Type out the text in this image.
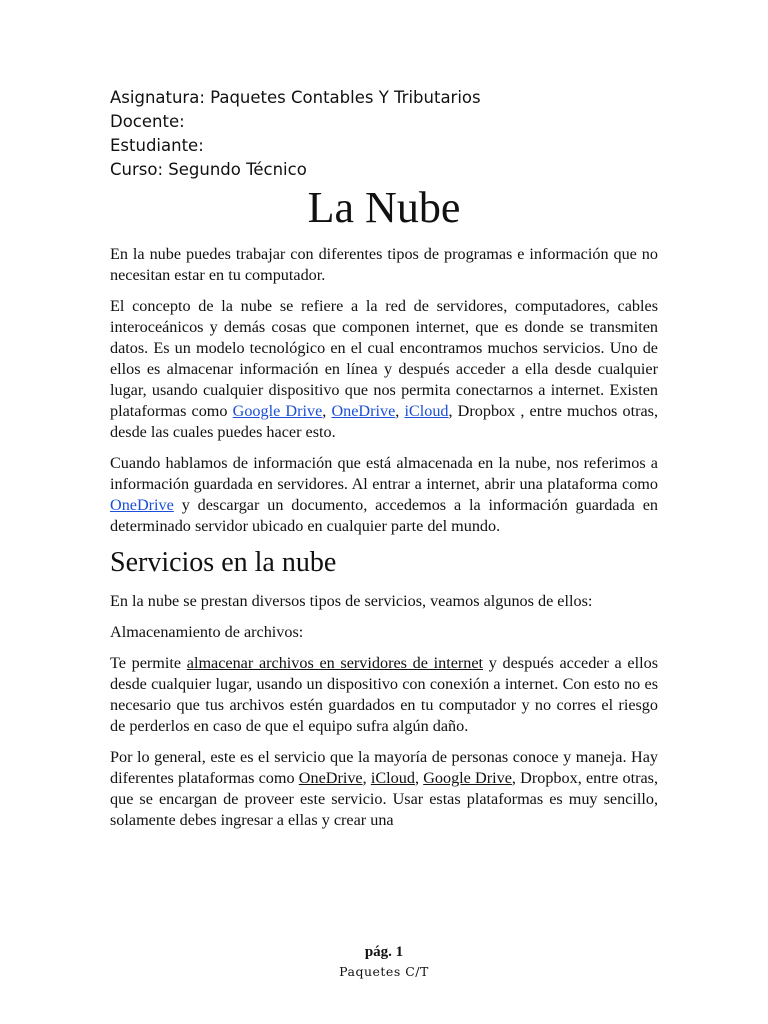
Asignatura: Paquetes Contables Y Tributarios
Docente:
Estudiante:
Curso: Segundo Técnico
La Nube

En la nube puedes trabajar con diferentes tipos de programas e información que no necesitan estar en tu computador.

El concepto de la nube se refiere a la red de servidores, computadores, cables interoceánicos y demás cosas que componen internet, que es donde se transmiten datos. Es un modelo tecnológico en el cual encontramos muchos servicios. Uno de ellos es almacenar información en línea y después acceder a ella desde cualquier lugar, usando cualquier dispositivo que nos permita conectarnos a internet. Existen plataformas como Google Drive, OneDrive, iCloud, Dropbox , entre muchos otras, desde las cuales puedes hacer esto.

Cuando hablamos de información que está almacenada en la nube, nos referimos a información guardada en servidores. Al entrar a internet, abrir una plataforma como OneDrive y descargar un documento, accedemos a la información guardada en determinado servidor ubicado en cualquier parte del mundo.

Servicios en la nube

En la nube se prestan diversos tipos de servicios, veamos algunos de ellos:

Almacenamiento de archivos:

Te permite almacenar archivos en servidores de internet y después acceder a ellos desde cualquier lugar, usando un dispositivo con conexión a internet. Con esto no es necesario que tus archivos estén guardados en tu computador y no corres el riesgo de perderlos en caso de que el equipo sufra algún daño.

Por lo general, este es el servicio que la mayoría de personas conoce y maneja. Hay diferentes plataformas como OneDrive, iCloud, Google Drive, Dropbox, entre otras, que se encargan de proveer este servicio. Usar estas plataformas es muy sencillo, solamente debes ingresar a ellas y crear una

pág. 1
Paquetes C/T
